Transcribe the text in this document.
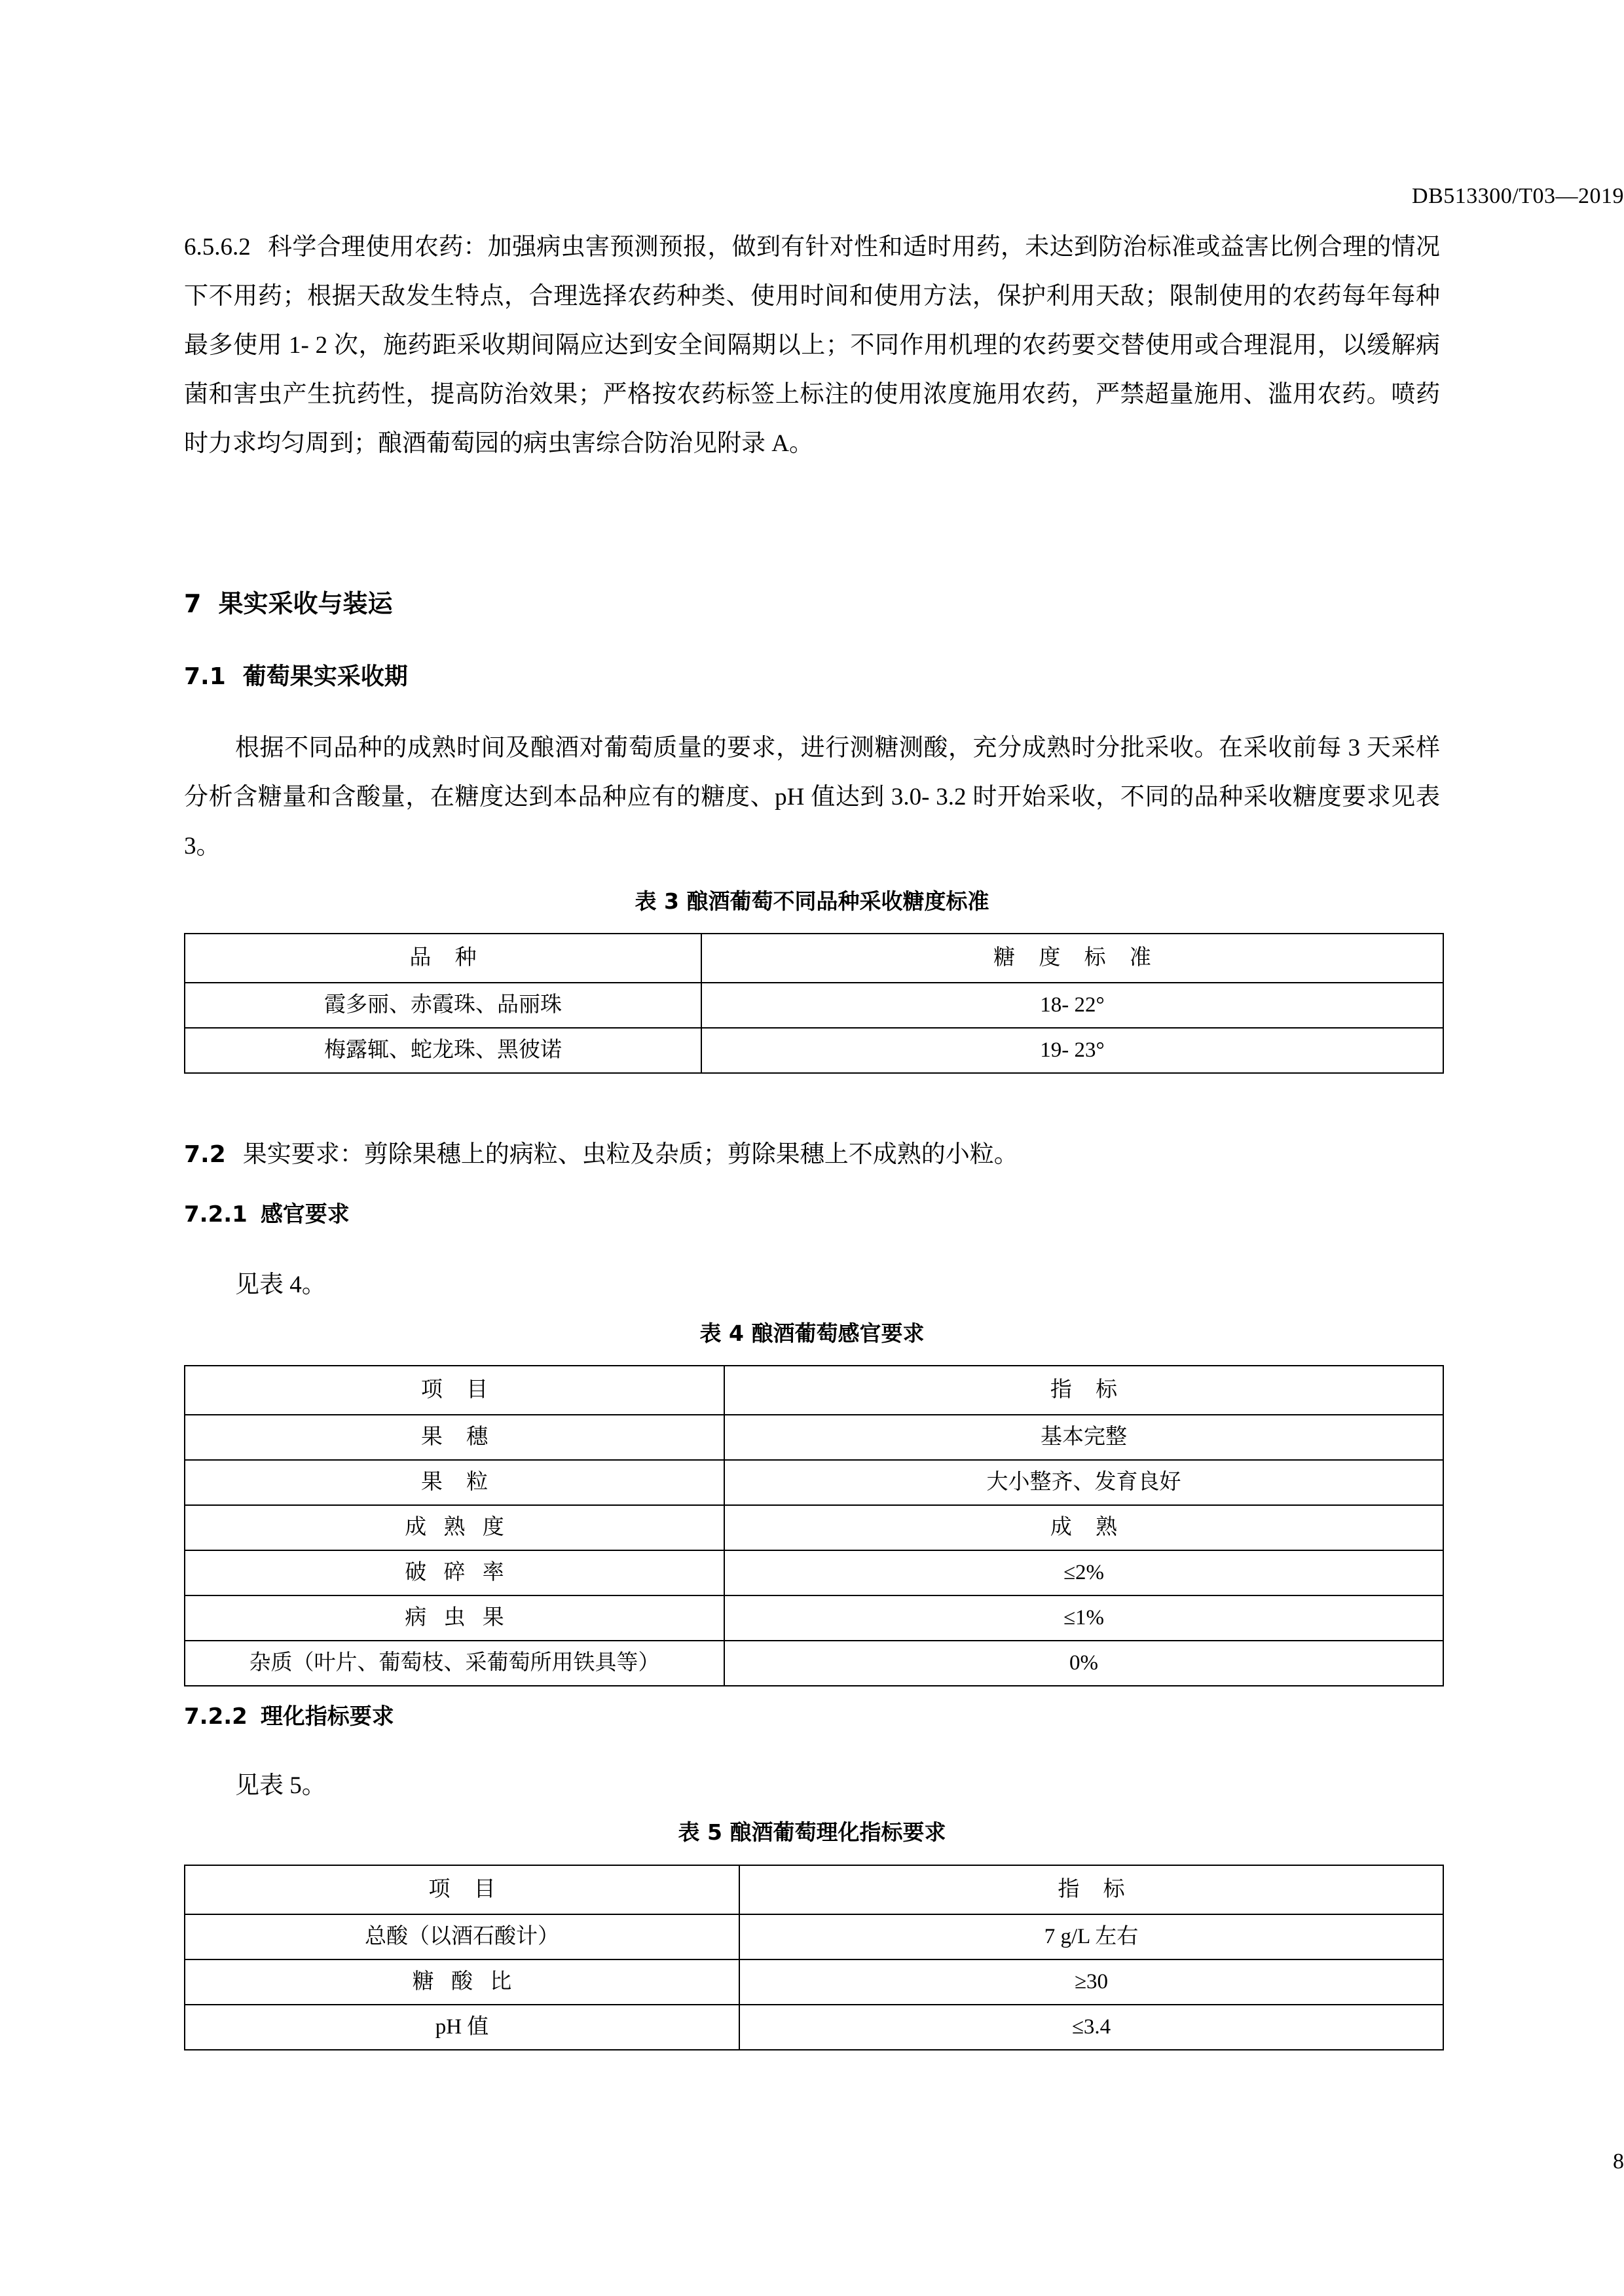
DB513300/T03—2019

6.5.6.2 科学合理使用农药：加强病虫害预测预报，做到有针对性和适时用药，未达到防治标准或益害比例合理的情况下不用药；根据天敌发生特点，合理选择农药种类、使用时间和使用方法，保护利用天敌；限制使用的农药每年每种最多使用 1- 2 次，施药距采收期间隔应达到安全间隔期以上；不同作用机理的农药要交替使用或合理混用，以缓解病菌和害虫产生抗药性，提高防治效果；严格按农药标签上标注的使用浓度施用农药，严禁超量施用、滥用农药。喷药时力求均匀周到；酿酒葡萄园的病虫害综合防治见附录 A。

7 果实采收与装运

7.1 葡萄果实采收期

根据不同品种的成熟时间及酿酒对葡萄质量的要求，进行测糖测酸，充分成熟时分批采收。在采收前每 3 天采样分析含糖量和含酸量，在糖度达到本品种应有的糖度、pH 值达到 3.0- 3.2 时开始采收，不同的品种采收糖度要求见表 3。

表 3 酿酒葡萄不同品种采收糖度标准

品 种	糖 度 标 准
霞多丽、赤霞珠、品丽珠	18- 22°
梅露辄、蛇龙珠、黑彼诺	19- 23°

7.2 果实要求：剪除果穗上的病粒、虫粒及杂质；剪除果穗上不成熟的小粒。

7.2.1 感官要求

见表 4。

表 4 酿酒葡萄感官要求

项 目	指 标
果 穗	基本完整
果 粒	大小整齐、发育良好
成 熟 度	成 熟
破 碎 率	≤2%
病 虫 果	≤1%
杂质（叶片、葡萄枝、采葡萄所用铁具等）	0%

7.2.2 理化指标要求

见表 5。

表 5 酿酒葡萄理化指标要求

项 目	指 标
总酸（以酒石酸计）	7 g/L 左右
糖 酸 比	≥30
pH 值	≤3.4
8
